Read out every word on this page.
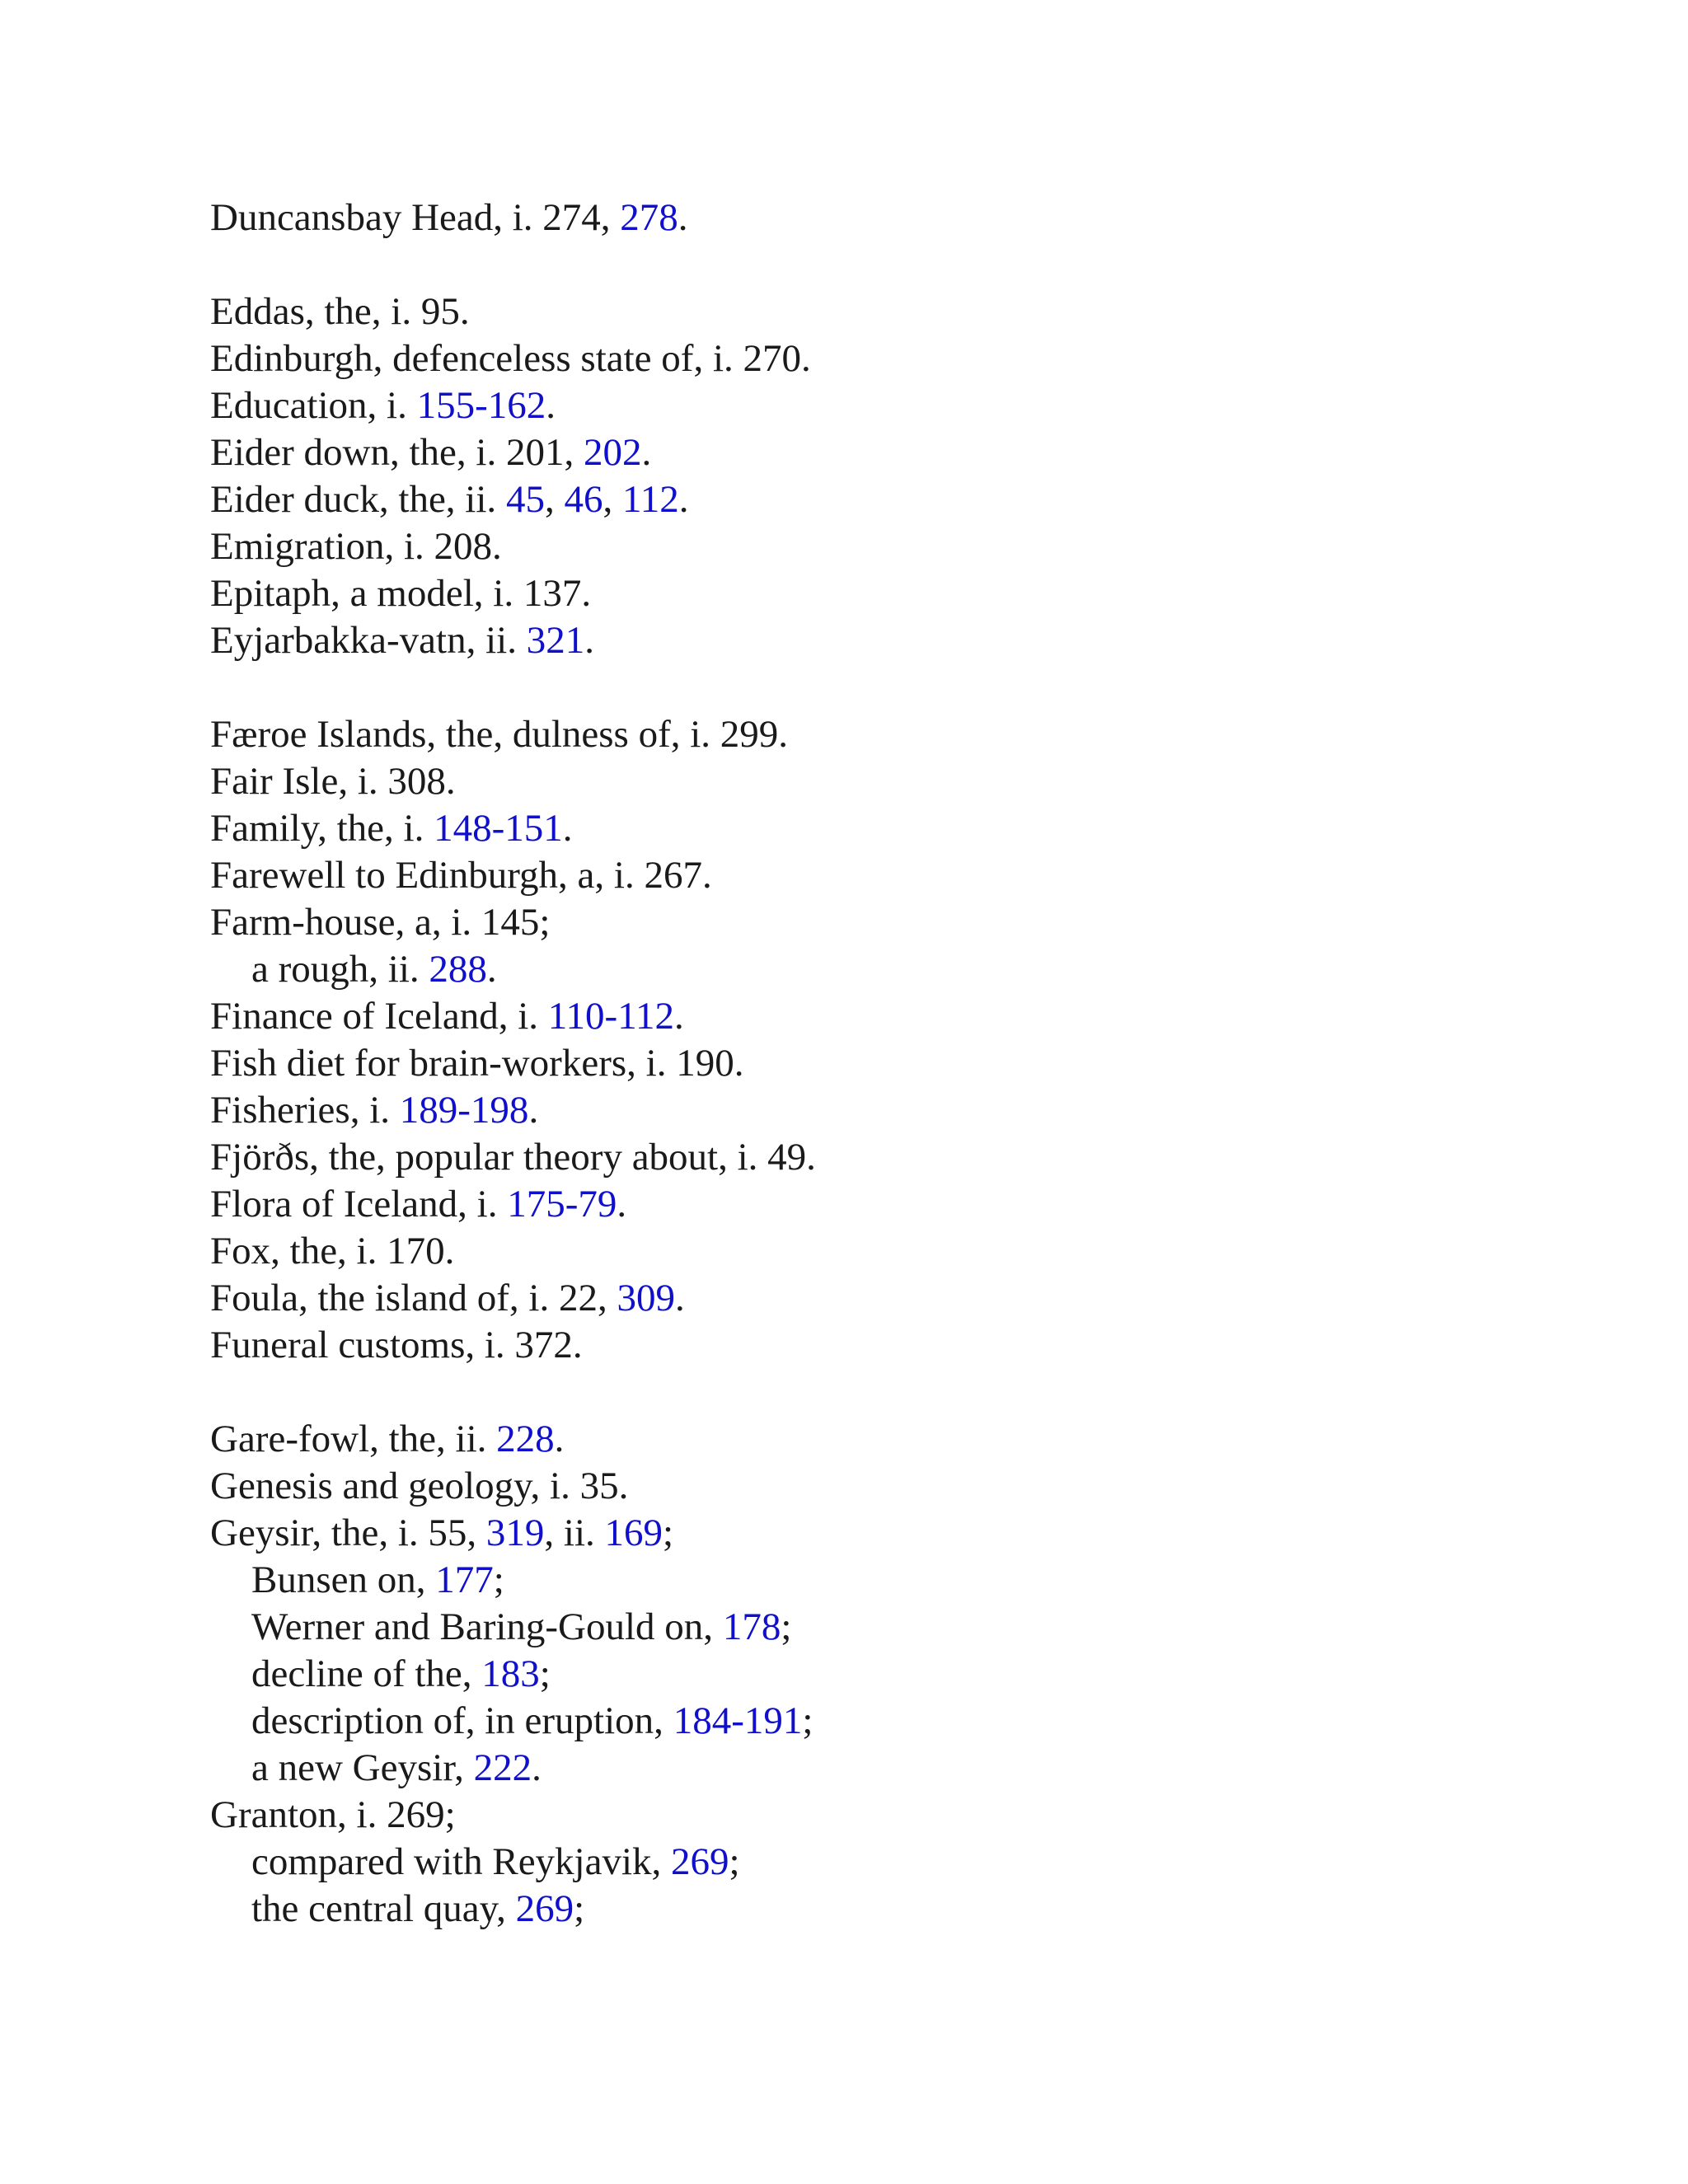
Duncansbay Head, i. 274, 278.
Eddas, the, i. 95.
Edinburgh, defenceless state of, i. 270.
Education, i. 155-162.
Eider down, the, i. 201, 202.
Eider duck, the, ii. 45, 46, 112.
Emigration, i. 208.
Epitaph, a model, i. 137.
Eyjarbakka-vatn, ii. 321.
Færoe Islands, the, dulness of, i. 299.
Fair Isle, i. 308.
Family, the, i. 148-151.
Farewell to Edinburgh, a, i. 267.
Farm-house, a, i. 145;
a rough, ii. 288.
Finance of Iceland, i. 110-112.
Fish diet for brain-workers, i. 190.
Fisheries, i. 189-198.
Fjörðs, the, popular theory about, i. 49.
Flora of Iceland, i. 175-79.
Fox, the, i. 170.
Foula, the island of, i. 22, 309.
Funeral customs, i. 372.
Gare-fowl, the, ii. 228.
Genesis and geology, i. 35.
Geysir, the, i. 55, 319, ii. 169;
Bunsen on, 177;
Werner and Baring-Gould on, 178;
decline of the, 183;
description of, in eruption, 184-191;
a new Geysir, 222.
Granton, i. 269;
compared with Reykjavik, 269;
the central quay, 269;
